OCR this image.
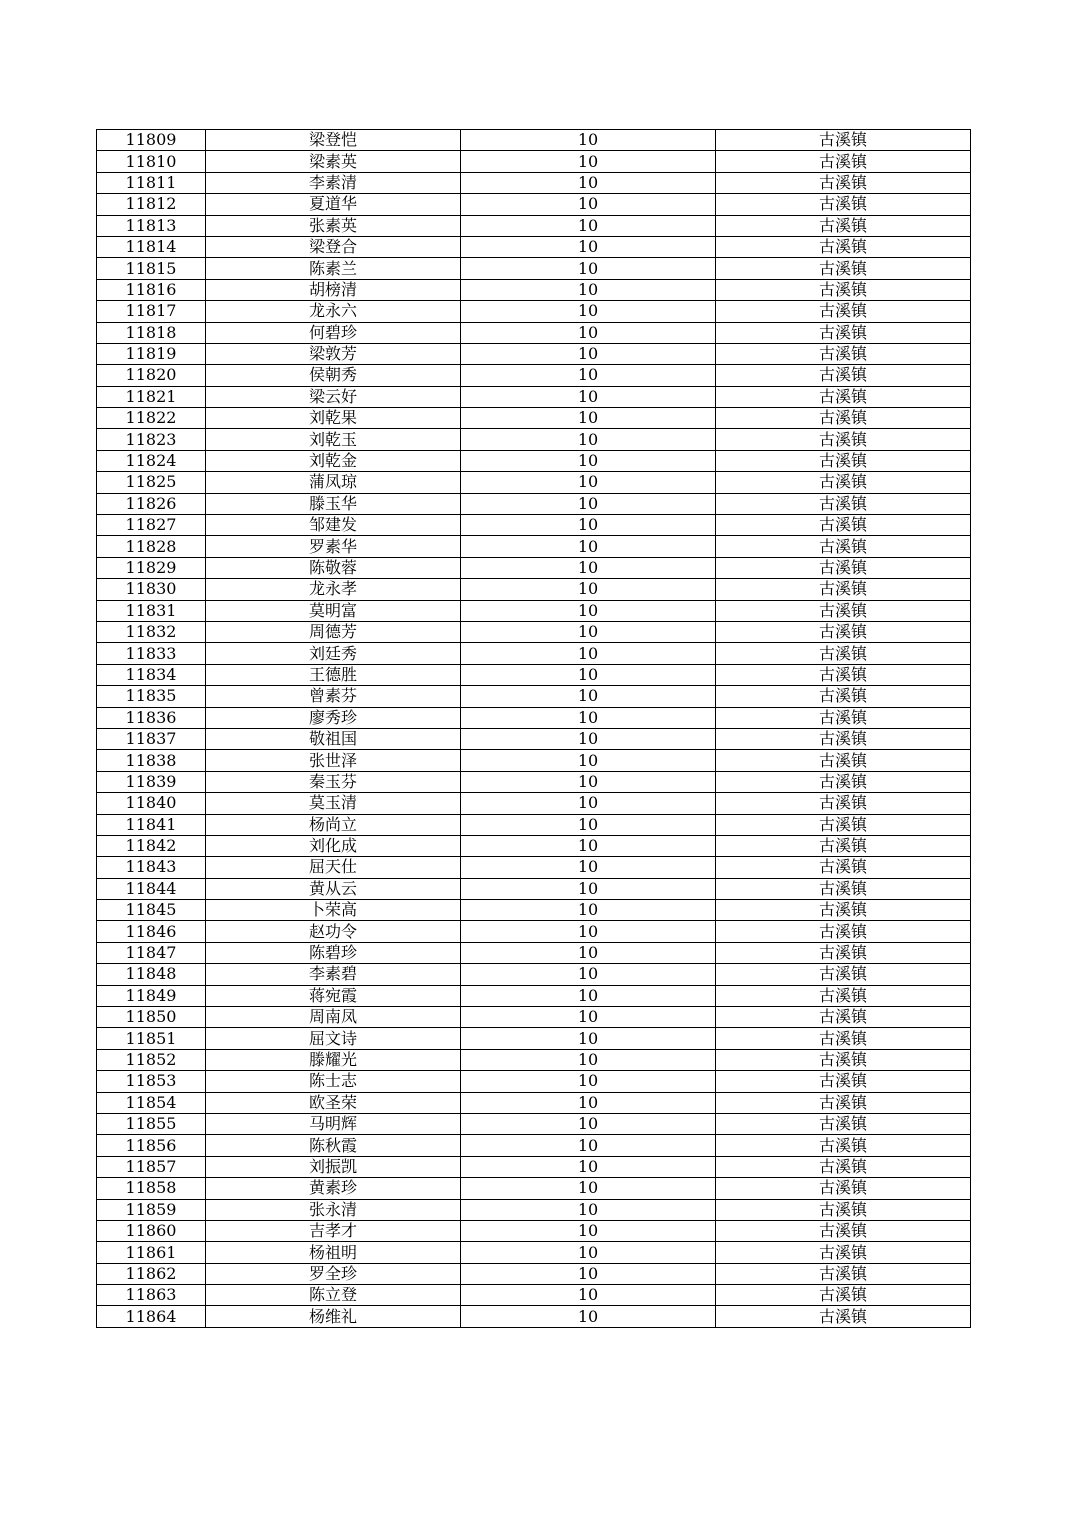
11809	梁登恺	10	古溪镇
11810	梁素英	10	古溪镇
11811	李素清	10	古溪镇
11812	夏道华	10	古溪镇
11813	张素英	10	古溪镇
11814	梁登合	10	古溪镇
11815	陈素兰	10	古溪镇
11816	胡榜清	10	古溪镇
11817	龙永六	10	古溪镇
11818	何碧珍	10	古溪镇
11819	梁敦芳	10	古溪镇
11820	侯朝秀	10	古溪镇
11821	梁云好	10	古溪镇
11822	刘乾果	10	古溪镇
11823	刘乾玉	10	古溪镇
11824	刘乾金	10	古溪镇
11825	蒲凤琼	10	古溪镇
11826	滕玉华	10	古溪镇
11827	邹建发	10	古溪镇
11828	罗素华	10	古溪镇
11829	陈敬蓉	10	古溪镇
11830	龙永孝	10	古溪镇
11831	莫明富	10	古溪镇
11832	周德芳	10	古溪镇
11833	刘廷秀	10	古溪镇
11834	王德胜	10	古溪镇
11835	曾素芬	10	古溪镇
11836	廖秀珍	10	古溪镇
11837	敬祖国	10	古溪镇
11838	张世泽	10	古溪镇
11839	秦玉芬	10	古溪镇
11840	莫玉清	10	古溪镇
11841	杨尚立	10	古溪镇
11842	刘化成	10	古溪镇
11843	屈天仕	10	古溪镇
11844	黄从云	10	古溪镇
11845	卜荣高	10	古溪镇
11846	赵功令	10	古溪镇
11847	陈碧珍	10	古溪镇
11848	李素碧	10	古溪镇
11849	蒋宛霞	10	古溪镇
11850	周南凤	10	古溪镇
11851	屈文诗	10	古溪镇
11852	滕耀光	10	古溪镇
11853	陈士志	10	古溪镇
11854	欧圣荣	10	古溪镇
11855	马明辉	10	古溪镇
11856	陈秋霞	10	古溪镇
11857	刘振凯	10	古溪镇
11858	黄素珍	10	古溪镇
11859	张永清	10	古溪镇
11860	吉孝才	10	古溪镇
11861	杨祖明	10	古溪镇
11862	罗全珍	10	古溪镇
11863	陈立登	10	古溪镇
11864	杨维礼	10	古溪镇
